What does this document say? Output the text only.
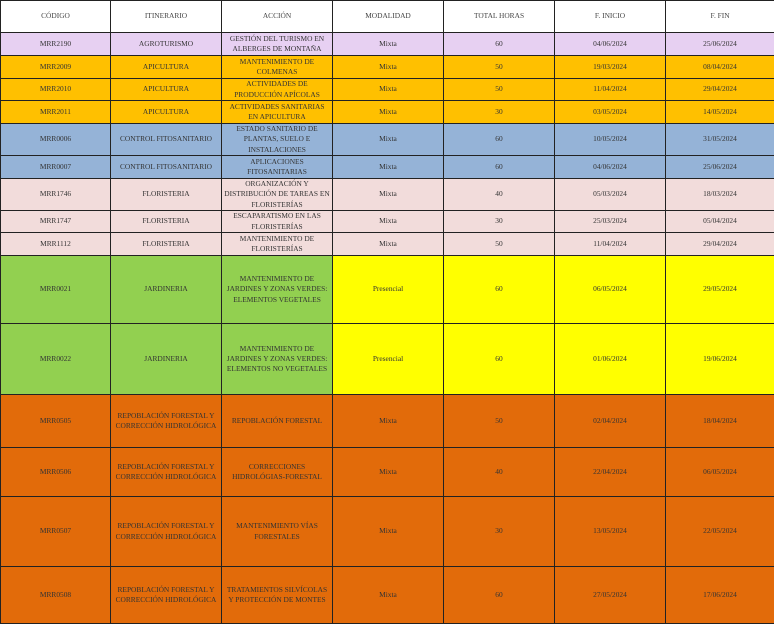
CÓDIGO	ITINERARIO	ACCIÓN	MODALIDAD	TOTAL HORAS	F. INICIO	F. FIN
MRR2190	AGROTURISMO	GESTIÓN DEL TURISMO EN ALBERGES DE MONTAÑA	Mixta	60	04/06/2024	25/06/2024
MRR2009	APICULTURA	MANTENIMIENTO DE COLMENAS	Mixta	50	19/03/2024	08/04/2024
MRR2010	APICULTURA	ACTIVIDADES DE PRODUCCIÓN APÍCOLAS	Mixta	50	11/04/2024	29/04/2024
MRR2011	APICULTURA	ACTIVIDADES SANITARIAS EN APICULTURA	Mixta	30	03/05/2024	14/05/2024
MRR0006	CONTROL FITOSANITARIO	ESTADO SANITARIO DE PLANTAS, SUELO E INSTALACIONES	Mixta	60	10/05/2024	31/05/2024
MRR0007	CONTROL FITOSANITARIO	APLICACIONES FITOSANITARIAS	Mixta	60	04/06/2024	25/06/2024
MRR1746	FLORISTERIA	ORGANIZACIÓN Y DISTRIBUCIÓN DE TAREAS EN FLORISTERÍAS	Mixta	40	05/03/2024	18/03/2024
MRR1747	FLORISTERIA	ESCAPARATISMO EN LAS FLORISTERÍAS	Mixta	30	25/03/2024	05/04/2024
MRR1112	FLORISTERIA	MANTENIMIENTO DE FLORISTERÍAS	Mixta	50	11/04/2024	29/04/2024
MRR0021	JARDINERIA	MANTENIMIENTO DE JARDINES Y ZONAS VERDES: ELEMENTOS VEGETALES	Presencial	60	06/05/2024	29/05/2024
MRR0022	JARDINERIA	MANTENIMIENTO DE JARDINES Y ZONAS VERDES: ELEMENTOS NO VEGETALES	Presencial	60	01/06/2024	19/06/2024
MRR0505	REPOBLACIÓN FORESTAL Y CORRECCIÓN HIDROLÓGICA	REPOBLACIÓN FORESTAL	Mixta	50	02/04/2024	18/04/2024
MRR0506	REPOBLACIÓN FORESTAL Y CORRECCIÓN HIDROLÓGICA	CORRECCIONES HIDROLÓGIAS-FORESTAL	Mixta	40	22/04/2024	06/05/2024
MRR0507	REPOBLACIÓN FORESTAL Y CORRECCIÓN HIDROLÓGICA	MANTENIMIENTO VÍAS FORESTALES	Mixta	30	13/05/2024	22/05/2024
MRR0508	REPOBLACIÓN FORESTAL Y CORRECCIÓN HIDROLÓGICA	TRATAMIENTOS SILVÍCOLAS Y PROTECCIÓN DE MONTES	Mixta	60	27/05/2024	17/06/2024
